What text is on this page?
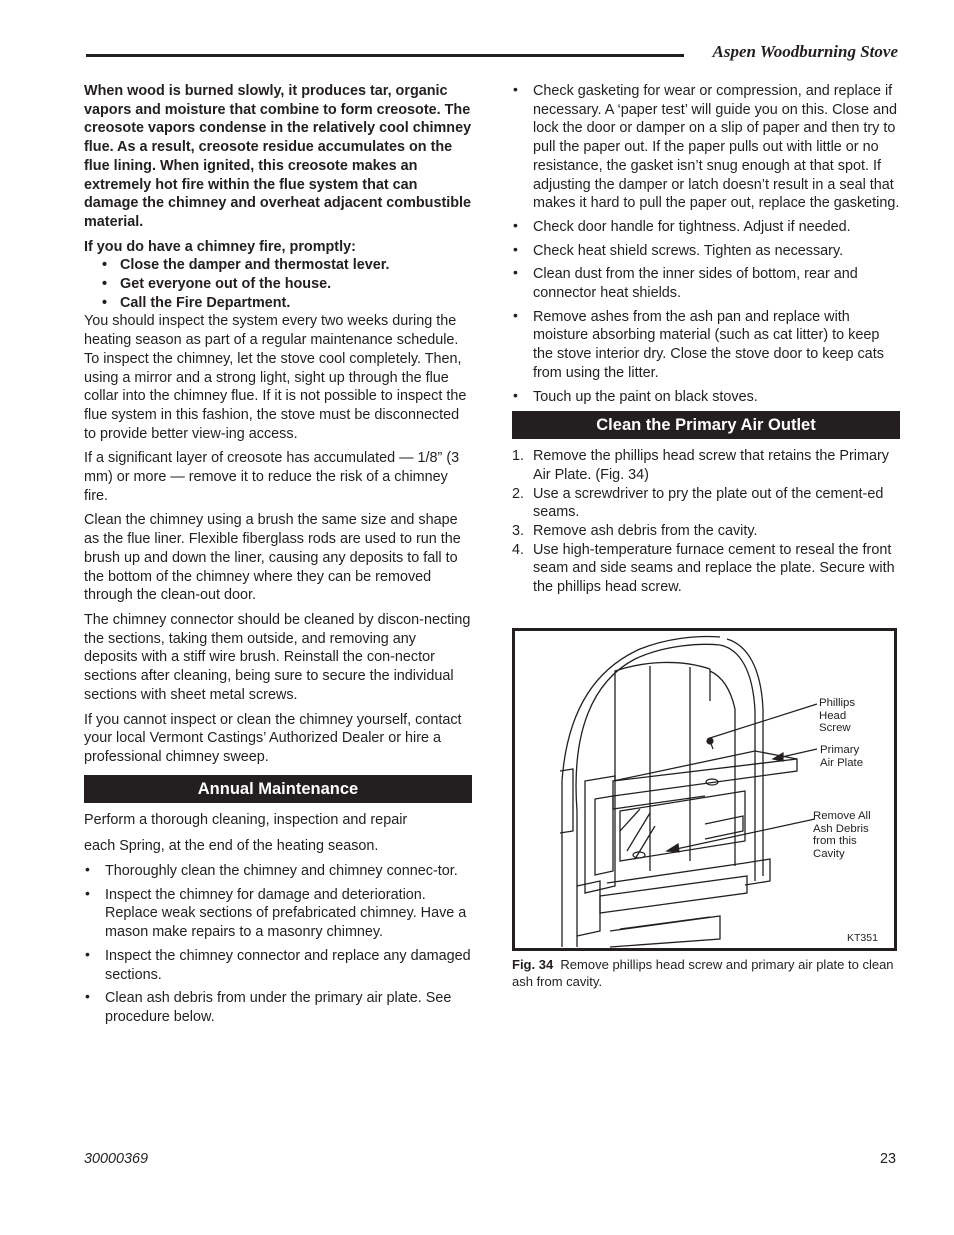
Aspen Woodburning Stove

When wood is burned slowly, it produces tar, organic vapors and moisture that combine to form creosote. The creosote vapors condense in the relatively cool chimney flue. As a result, creosote residue accumulates on the flue lining. When ignited, this creosote makes an extremely hot fire within the flue system that can damage the chimney and overheat adjacent combustible material.

If you do have a chimney fire, promptly:

• Close the damper and thermostat lever.
• Get everyone out of the house.
• Call the Fire Department.

You should inspect the system every two weeks during the heating season as part of a regular maintenance schedule. To inspect the chimney, let the stove cool completely. Then, using a mirror and a strong light, sight up through the flue collar into the chimney flue. If it is not possible to inspect the flue system in this fashion, the stove must be disconnected to provide better view-ing access.

If a significant layer of creosote has accumulated — 1/8” (3 mm) or more — remove it to reduce the risk of a chimney fire.

Clean the chimney using a brush the same size and shape as the flue liner. Flexible fiberglass rods are used to run the brush up and down the liner, causing any deposits to fall to the bottom of the chimney where they can be removed through the clean-out door.

The chimney connector should be cleaned by discon-necting the sections, taking them outside, and removing any deposits with a stiff wire brush. Reinstall the con-nector sections after cleaning, being sure to secure the individual sections with sheet metal screws.

If you cannot inspect or clean the chimney yourself, contact your local Vermont Castings’ Authorized Dealer or hire a professional chimney sweep.

Annual Maintenance

Perform a thorough cleaning, inspection and repair

each Spring, at the end of the heating season.

• Thoroughly clean the chimney and chimney connec-tor.
• Inspect the chimney for damage and deterioration. Replace weak sections of prefabricated chimney. Have a mason make repairs to a masonry chimney.
• Inspect the chimney connector and replace any damaged sections.
• Clean ash debris from under the primary air plate. See procedure below.
• Check gasketing for wear or compression, and replace if necessary. A ‘paper test’ will guide you on this. Close and lock the door or damper on a slip of paper and then try to pull the paper out. If the paper pulls out with little or no resistance, the gasket isn’t snug enough at that spot. If adjusting the damper or latch doesn’t result in a seal that makes it hard to pull the paper out, replace the gasketing.
• Check door handle for tightness. Adjust if needed.
• Check heat shield screws. Tighten as necessary.
• Clean dust from the inner sides of bottom, rear and connector heat shields.
• Remove ashes from the ash pan and replace with moisture absorbing material (such as cat litter) to keep the stove interior dry. Close the stove door to keep cats from using the litter.
• Touch up the paint on black stoves.
Clean the Primary Air Outlet
1. Remove the phillips head screw that retains the Primary Air Plate. (Fig. 34)
2. Use a screwdriver to pry the plate out of the cement-ed seams.
3. Remove ash debris from the cavity.
4. Use high-temperature furnace cement to reseal the front seam and side seams and replace the plate. Secure with the phillips head screw.
Phillips
Head
Screw
Primary
Air Plate
Remove All
Ash Debris
from this
Cavity
KT351
Fig. 34 Remove phillips head screw and primary air plate to clean ash from cavity.
30000369	23
